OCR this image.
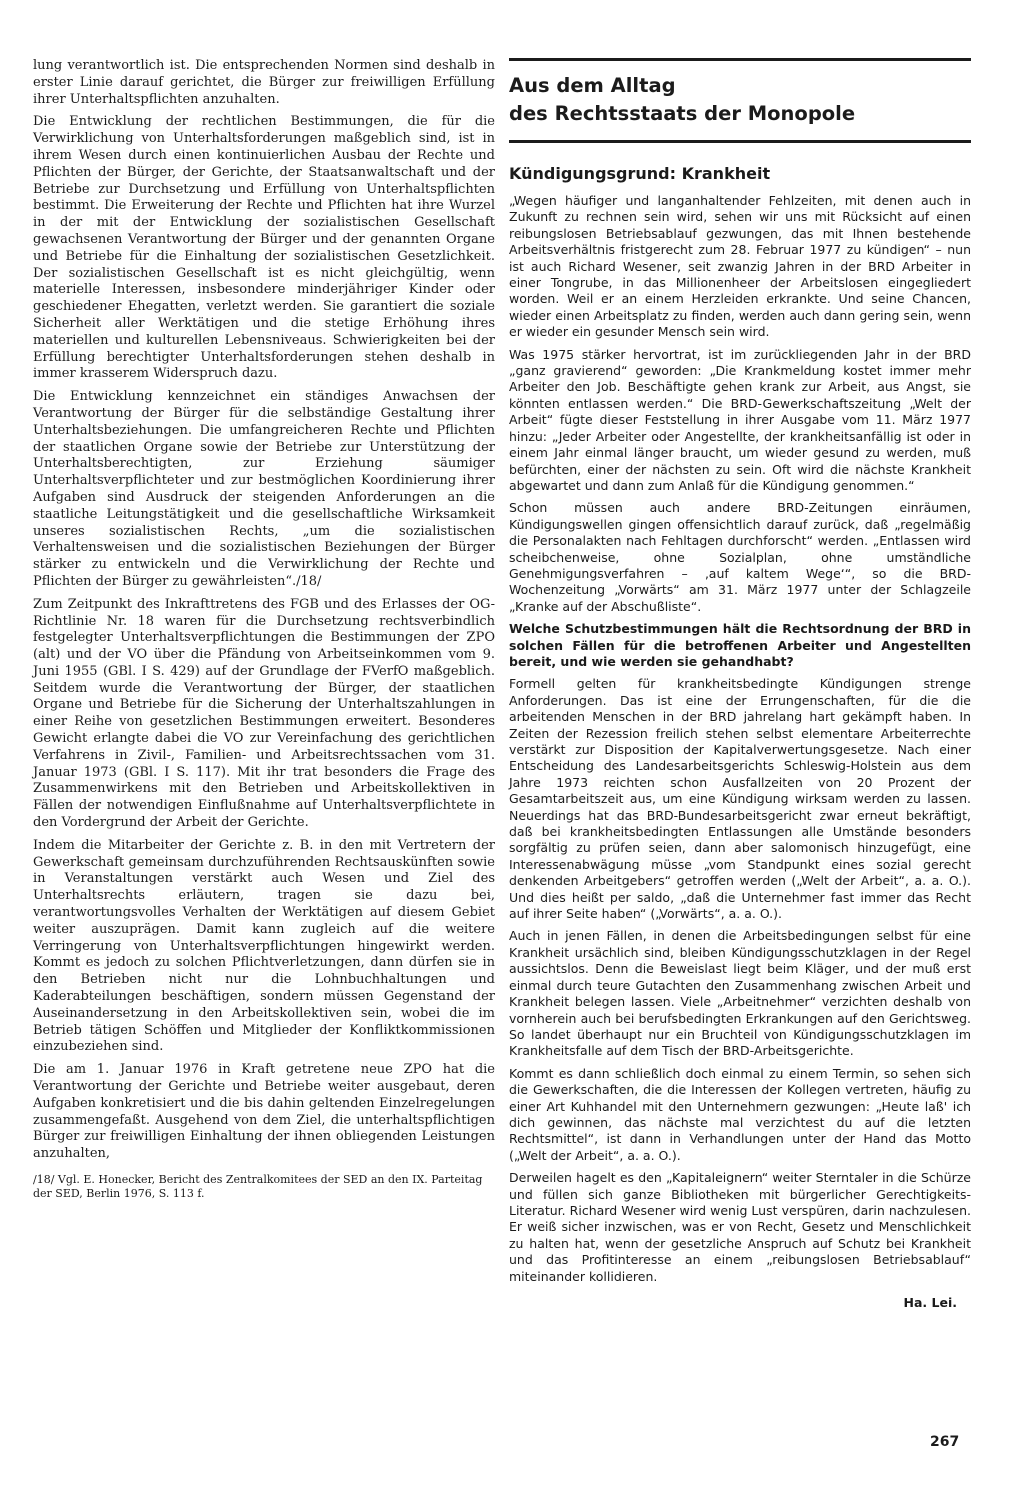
lung verantwortlich ist. Die entsprechenden Normen sind deshalb in erster Linie darauf gerichtet, die Bürger zur freiwilligen Erfüllung ihrer Unterhaltspflichten anzuhalten.

Die Entwicklung der rechtlichen Bestimmungen, die für die Verwirklichung von Unterhaltsforderungen maßgeblich sind, ist in ihrem Wesen durch einen kontinuierlichen Ausbau der Rechte und Pflichten der Bürger, der Gerichte, der Staatsanwaltschaft und der Betriebe zur Durchsetzung und Erfüllung von Unterhaltspflichten bestimmt. Die Erweiterung der Rechte und Pflichten hat ihre Wurzel in der mit der Entwicklung der sozialistischen Gesellschaft gewachsenen Verantwortung der Bürger und der genannten Organe und Betriebe für die Einhaltung der sozialistischen Gesetzlichkeit. Der sozialistischen Gesellschaft ist es nicht gleichgültig, wenn materielle Interessen, insbesondere minderjähriger Kinder oder geschiedener Ehegatten, verletzt werden. Sie garantiert die soziale Sicherheit aller Werktätigen und die stetige Erhöhung ihres materiellen und kulturellen Lebensniveaus. Schwierigkeiten bei der Erfüllung berechtigter Unterhaltsforderungen stehen deshalb in immer krasserem Widerspruch dazu.

Die Entwicklung kennzeichnet ein ständiges Anwachsen der Verantwortung der Bürger für die selbständige Gestaltung ihrer Unterhaltsbeziehungen. Die umfangreicheren Rechte und Pflichten der staatlichen Organe sowie der Betriebe zur Unterstützung der Unterhaltsberechtigten, zur Erziehung säumiger Unterhaltsverpflichteter und zur bestmöglichen Koordinierung ihrer Aufgaben sind Ausdruck der steigenden Anforderungen an die staatliche Leitungstätigkeit und die gesellschaftliche Wirksamkeit unseres sozialistischen Rechts, „um die sozialistischen Verhaltensweisen und die sozialistischen Beziehungen der Bürger stärker zu entwickeln und die Verwirklichung der Rechte und Pflichten der Bürger zu gewährleisten“./18/

Zum Zeitpunkt des Inkrafttretens des FGB und des Erlasses der OG-Richtlinie Nr. 18 waren für die Durchsetzung rechtsverbindlich festgelegter Unterhaltsverpflichtungen die Bestimmungen der ZPO (alt) und der VO über die Pfändung von Arbeitseinkommen vom 9. Juni 1955 (GBl. I S. 429) auf der Grundlage der FVerfO maßgeblich. Seitdem wurde die Verantwortung der Bürger, der staatlichen Organe und Betriebe für die Sicherung der Unterhaltszahlungen in einer Reihe von gesetzlichen Bestimmungen erweitert. Besonderes Gewicht erlangte dabei die VO zur Vereinfachung des gerichtlichen Verfahrens in Zivil-, Familien- und Arbeitsrechtssachen vom 31. Januar 1973 (GBl. I S. 117). Mit ihr trat besonders die Frage des Zusammenwirkens mit den Betrieben und Arbeitskollektiven in Fällen der notwendigen Einflußnahme auf Unterhaltsverpflichtete in den Vordergrund der Arbeit der Gerichte.

Indem die Mitarbeiter der Gerichte z. B. in den mit Vertretern der Gewerkschaft gemeinsam durchzuführenden Rechtsauskünften sowie in Veranstaltungen verstärkt auch Wesen und Ziel des Unterhaltsrechts erläutern, tragen sie dazu bei, verantwortungsvolles Verhalten der Werktätigen auf diesem Gebiet weiter auszuprägen. Damit kann zugleich auf die weitere Verringerung von Unterhaltsverpflichtungen hingewirkt werden. Kommt es jedoch zu solchen Pflichtverletzungen, dann dürfen sie in den Betrieben nicht nur die Lohnbuchhaltungen und Kaderabteilungen beschäftigen, sondern müssen Gegenstand der Auseinandersetzung in den Arbeitskollektiven sein, wobei die im Betrieb tätigen Schöffen und Mitglieder der Konfliktkommissionen einzubeziehen sind.

Die am 1. Januar 1976 in Kraft getretene neue ZPO hat die Verantwortung der Gerichte und Betriebe weiter ausgebaut, deren Aufgaben konkretisiert und die bis dahin geltenden Einzelregelungen zusammengefaßt. Ausgehend von dem Ziel, die unterhaltspflichtigen Bürger zur freiwilligen Einhaltung der ihnen obliegenden Leistungen anzuhalten,

/18/ Vgl. E. Honecker, Bericht des Zentralkomitees der SED an den IX. Parteitag der SED, Berlin 1976, S. 113 f.
Aus dem Alltag
des Rechtsstaats der Monopole
Kündigungsgrund: Krankheit

„Wegen häufiger und langanhaltender Fehlzeiten, mit denen auch in Zukunft zu rechnen sein wird, sehen wir uns mit Rücksicht auf einen reibungslosen Betriebsablauf gezwungen, das mit Ihnen bestehende Arbeitsverhältnis fristgerecht zum 28. Februar 1977 zu kündigen“ – nun ist auch Richard Wesener, seit zwanzig Jahren in der BRD Arbeiter in einer Tongrube, in das Millionenheer der Arbeitslosen eingegliedert worden. Weil er an einem Herzleiden erkrankte. Und seine Chancen, wieder einen Arbeitsplatz zu finden, werden auch dann gering sein, wenn er wieder ein gesunder Mensch sein wird.

Was 1975 stärker hervortrat, ist im zurückliegenden Jahr in der BRD „ganz gravierend“ geworden: „Die Krankmeldung kostet immer mehr Arbeiter den Job. Beschäftigte gehen krank zur Arbeit, aus Angst, sie könnten entlassen werden.“ Die BRD-Gewerkschaftszeitung „Welt der Arbeit“ fügte dieser Feststellung in ihrer Ausgabe vom 11. März 1977 hinzu: „Jeder Arbeiter oder Angestellte, der krankheitsanfällig ist oder in einem Jahr einmal länger braucht, um wieder gesund zu werden, muß befürchten, einer der nächsten zu sein. Oft wird die nächste Krankheit abgewartet und dann zum Anlaß für die Kündigung genommen.“

Schon müssen auch andere BRD-Zeitungen einräumen, Kündigungswellen gingen offensichtlich darauf zurück, daß „regelmäßig die Personalakten nach Fehltagen durchforscht“ werden. „Entlassen wird scheibchenweise, ohne Sozialplan, ohne umständliche Genehmigungsverfahren – ‚auf kaltem Wege‘“, so die BRD-Wochenzeitung „Vorwärts“ am 31. März 1977 unter der Schlagzeile „Kranke auf der Abschußliste“.

Welche Schutzbestimmungen hält die Rechtsordnung der BRD in solchen Fällen für die betroffenen Arbeiter und Angestellten bereit, und wie werden sie gehandhabt?

Formell gelten für krankheitsbedingte Kündigungen strenge Anforderungen. Das ist eine der Errungenschaften, für die die arbeitenden Menschen in der BRD jahrelang hart gekämpft haben. In Zeiten der Rezession freilich stehen selbst elementare Arbeiterrechte verstärkt zur Disposition der Kapitalverwertungsgesetze. Nach einer Entscheidung des Landesarbeitsgerichts Schleswig-Holstein aus dem Jahre 1973 reichten schon Ausfallzeiten von 20 Prozent der Gesamtarbeitszeit aus, um eine Kündigung wirksam werden zu lassen. Neuerdings hat das BRD-Bundesarbeitsgericht zwar erneut bekräftigt, daß bei krankheitsbedingten Entlassungen alle Umstände besonders sorgfältig zu prüfen seien, dann aber salomonisch hinzugefügt, eine Interessenabwägung müsse „vom Standpunkt eines sozial gerecht denkenden Arbeitgebers“ getroffen werden („Welt der Arbeit“, a. a. O.). Und dies heißt per saldo, „daß die Unternehmer fast immer das Recht auf ihrer Seite haben“ („Vorwärts“, a. a. O.).

Auch in jenen Fällen, in denen die Arbeitsbedingungen selbst für eine Krankheit ursächlich sind, bleiben Kündigungsschutzklagen in der Regel aussichtslos. Denn die Beweislast liegt beim Kläger, und der muß erst einmal durch teure Gutachten den Zusammenhang zwischen Arbeit und Krankheit belegen lassen. Viele „Arbeitnehmer“ verzichten deshalb von vornherein auch bei berufsbedingten Erkrankungen auf den Gerichtsweg. So landet überhaupt nur ein Bruchteil von Kündigungsschutzklagen im Krankheitsfalle auf dem Tisch der BRD-Arbeitsgerichte.

Kommt es dann schließlich doch einmal zu einem Termin, so sehen sich die Gewerkschaften, die die Interessen der Kollegen vertreten, häufig zu einer Art Kuhhandel mit den Unternehmern gezwungen: „Heute laß' ich dich gewinnen, das nächste mal verzichtest du auf die letzten Rechtsmittel“, ist dann in Verhandlungen unter der Hand das Motto („Welt der Arbeit“, a. a. O.).

Derweilen hagelt es den „Kapitaleignern“ weiter Sterntaler in die Schürze und füllen sich ganze Bibliotheken mit bürgerlicher Gerechtigkeits-Literatur. Richard Wesener wird wenig Lust verspüren, darin nachzulesen. Er weiß sicher inzwischen, was er von Recht, Gesetz und Menschlichkeit zu halten hat, wenn der gesetzliche Anspruch auf Schutz bei Krankheit und das Profitinteresse an einem „reibungslosen Betriebsablauf“ miteinander kollidieren.

Ha. Lei.
267
